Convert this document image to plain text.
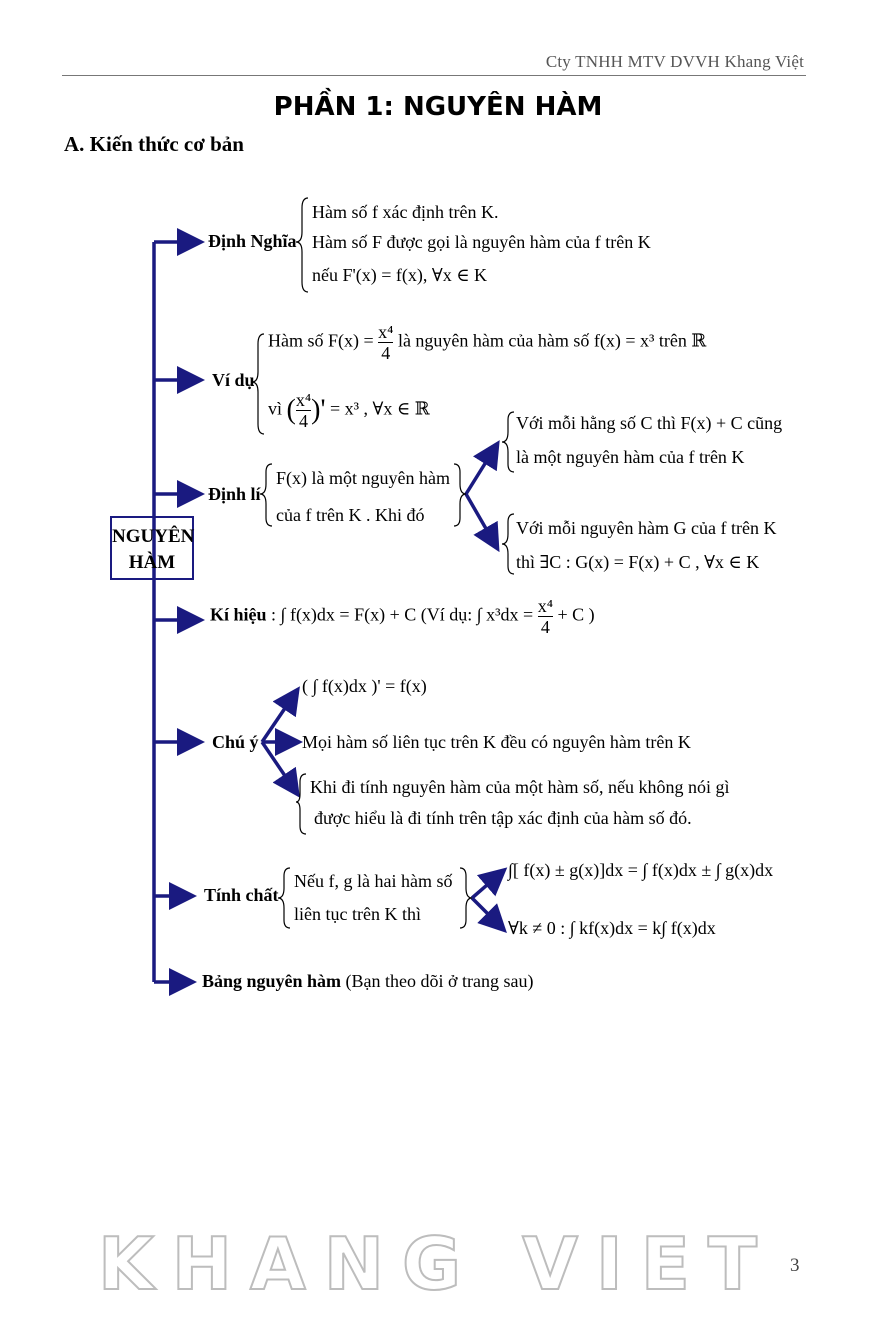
Cty TNHH MTV DVVH Khang Việt
PHẦN 1: NGUYÊN HÀM
A. Kiến thức cơ bản
NGUYÊN
HÀM
Định Nghĩa
Hàm số f xác định trên K.
Hàm số F được gọi là nguyên hàm của f trên K
nếu F'(x) = f(x), ∀x ∈ K
Ví dụ
Hàm số $F(x) = \frac{\text{x⁴}}{4}$ là nguyên hàm của hàm số f(x) = x³ trên ℝ
vì ( $\frac{\text{x⁴}}{4}$ )' = x³ , ∀x ∈ ℝ
Định lí
F(x) là một nguyên hàm
của f trên K . Khi đó
Với mỗi hằng số C thì F(x) + C cũng
là một nguyên hàm của f trên K
Với mỗi nguyên hàm G của f trên K
thì ∃C : G(x) = F(x) + C , ∀x ∈ K
Kí hiệu : ∫ f(x)dx = F(x) + C (Ví dụ: ∫ $x^3dx = \frac{\text{x⁴}}{4} + C$ )
Chú ý
( ∫ f(x)dx )' = f(x)
Mọi hàm số liên tục trên K đều có nguyên hàm trên K
Khi đi tính nguyên hàm của một hàm số, nếu không nói gì
được hiểu là đi tính trên tập xác định của hàm số đó.
Tính chất
Nếu f, g là hai hàm số
liên tục trên K thì
∫[ f(x) ± g(x)]dx = ∫ f(x)dx ± ∫ g(x)dx
∀k ≠ 0 : ∫ kf(x)dx = k∫ f(x)dx
Bảng nguyên hàm (Bạn theo dõi ở trang sau)
KHANG VIET 3
